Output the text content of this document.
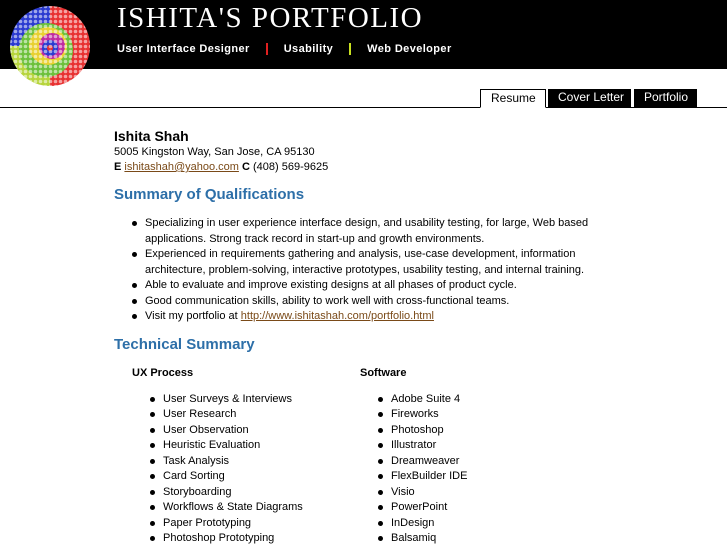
ISHITA'S PORTFOLIO
User Interface Designer	Usability	Web Developer
Resume	Cover Letter	Portfolio
Ishita Shah
5005 Kingston Way, San Jose, CA 95130
E ishitashah@yahoo.com C (408) 569-9625
Summary of Qualifications
Specializing in user experience interface design, and usability testing, for large, Web based applications. Strong track record in start-up and growth environments.
Experienced in requirements gathering and analysis, use-case development, information architecture, problem-solving, interactive prototypes, usability testing, and internal training.
Able to evaluate and improve existing designs at all phases of product cycle.
Good communication skills, ability to work well with cross-functional teams.
Visit my portfolio at http://www.ishitashah.com/portfolio.html
Technical Summary
UX Process
User Surveys & Interviews
User Research
User Observation
Heuristic Evaluation
Task Analysis
Card Sorting
Storyboarding
Workflows & State Diagrams
Paper Prototyping
Photoshop Prototyping
Software
Adobe Suite 4
Fireworks
Photoshop
Illustrator
Dreamweaver
FlexBuilder IDE
Visio
PowerPoint
InDesign
Balsamiq
